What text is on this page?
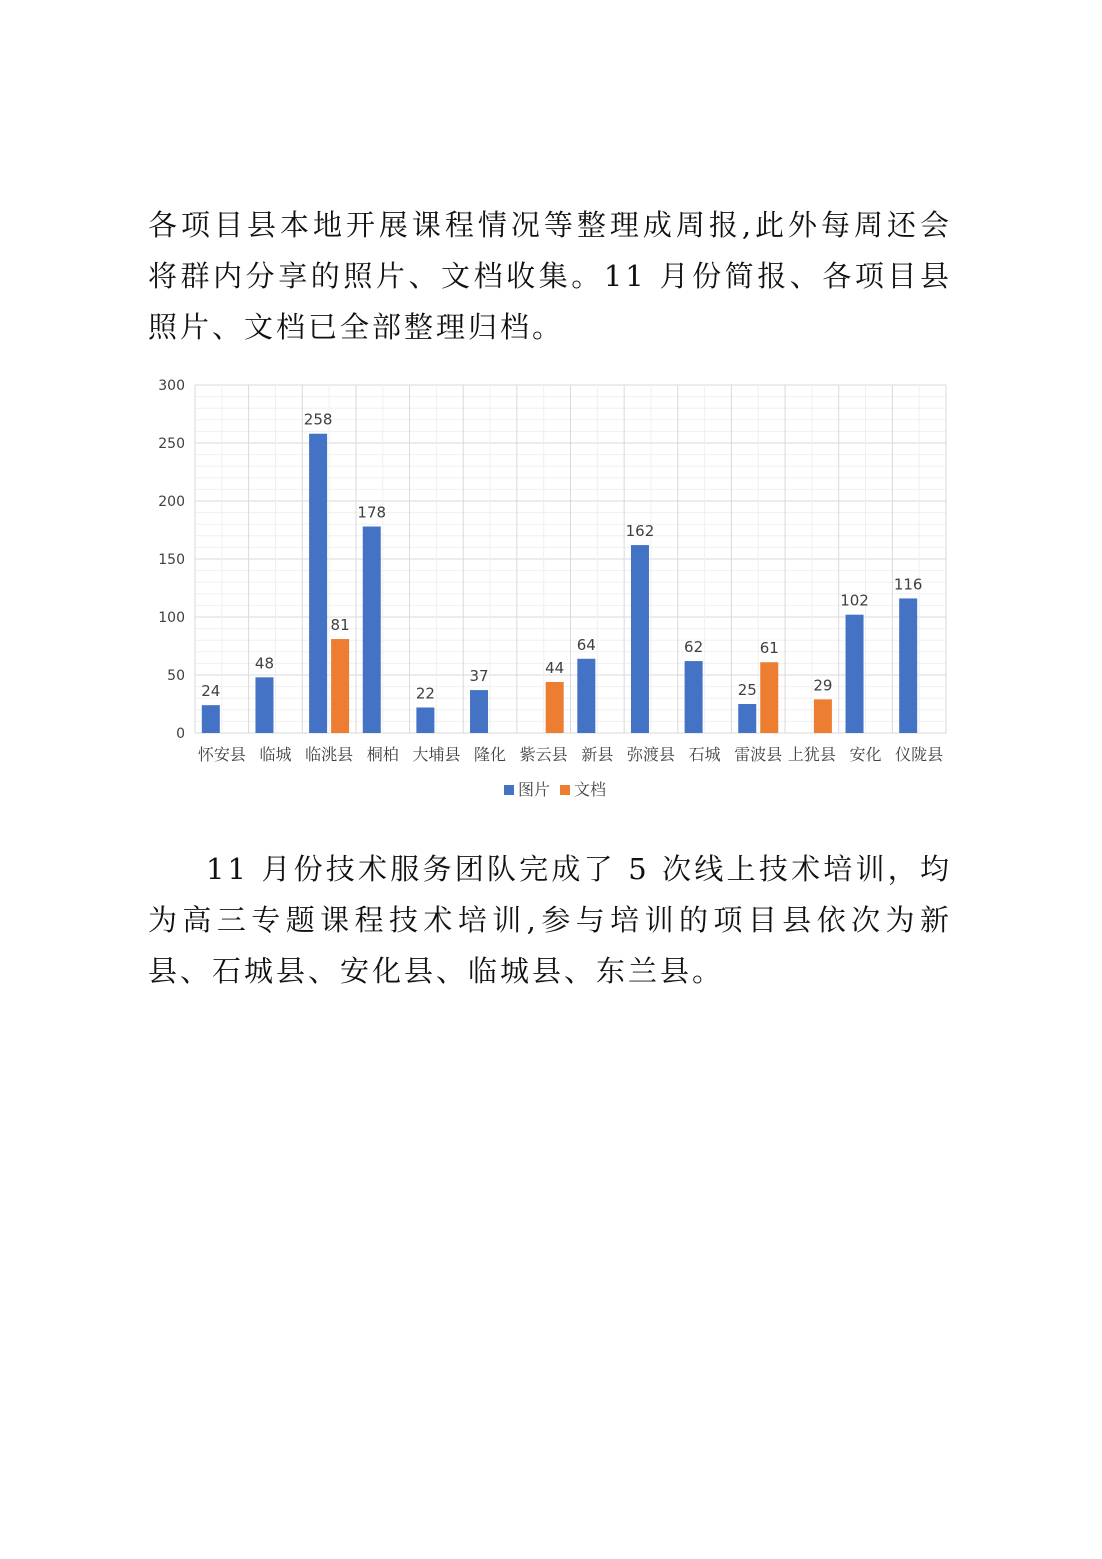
各项目县本地开展课程情况等整理成周报,此外每周还会将群内分享的照片、文档收集。11 月份简报、各项目县照片、文档已全部整理归档。

0
50
100
150
200
250
300
24
48
258
178
22
37
64
162
62
25
102
116
81
44
61
29
怀安县 临城 临洮县 桐柏 大埔县 隆化 紫云县 新县 弥渡县 石城 雷波县 上犹县 安化 仪陇县
图片 文档

11 月份技术服务团队完成了 5 次线上技术培训，均为高三专题课程技术培训,参与培训的项目县依次为新县、石城县、安化县、临城县、东兰县。
